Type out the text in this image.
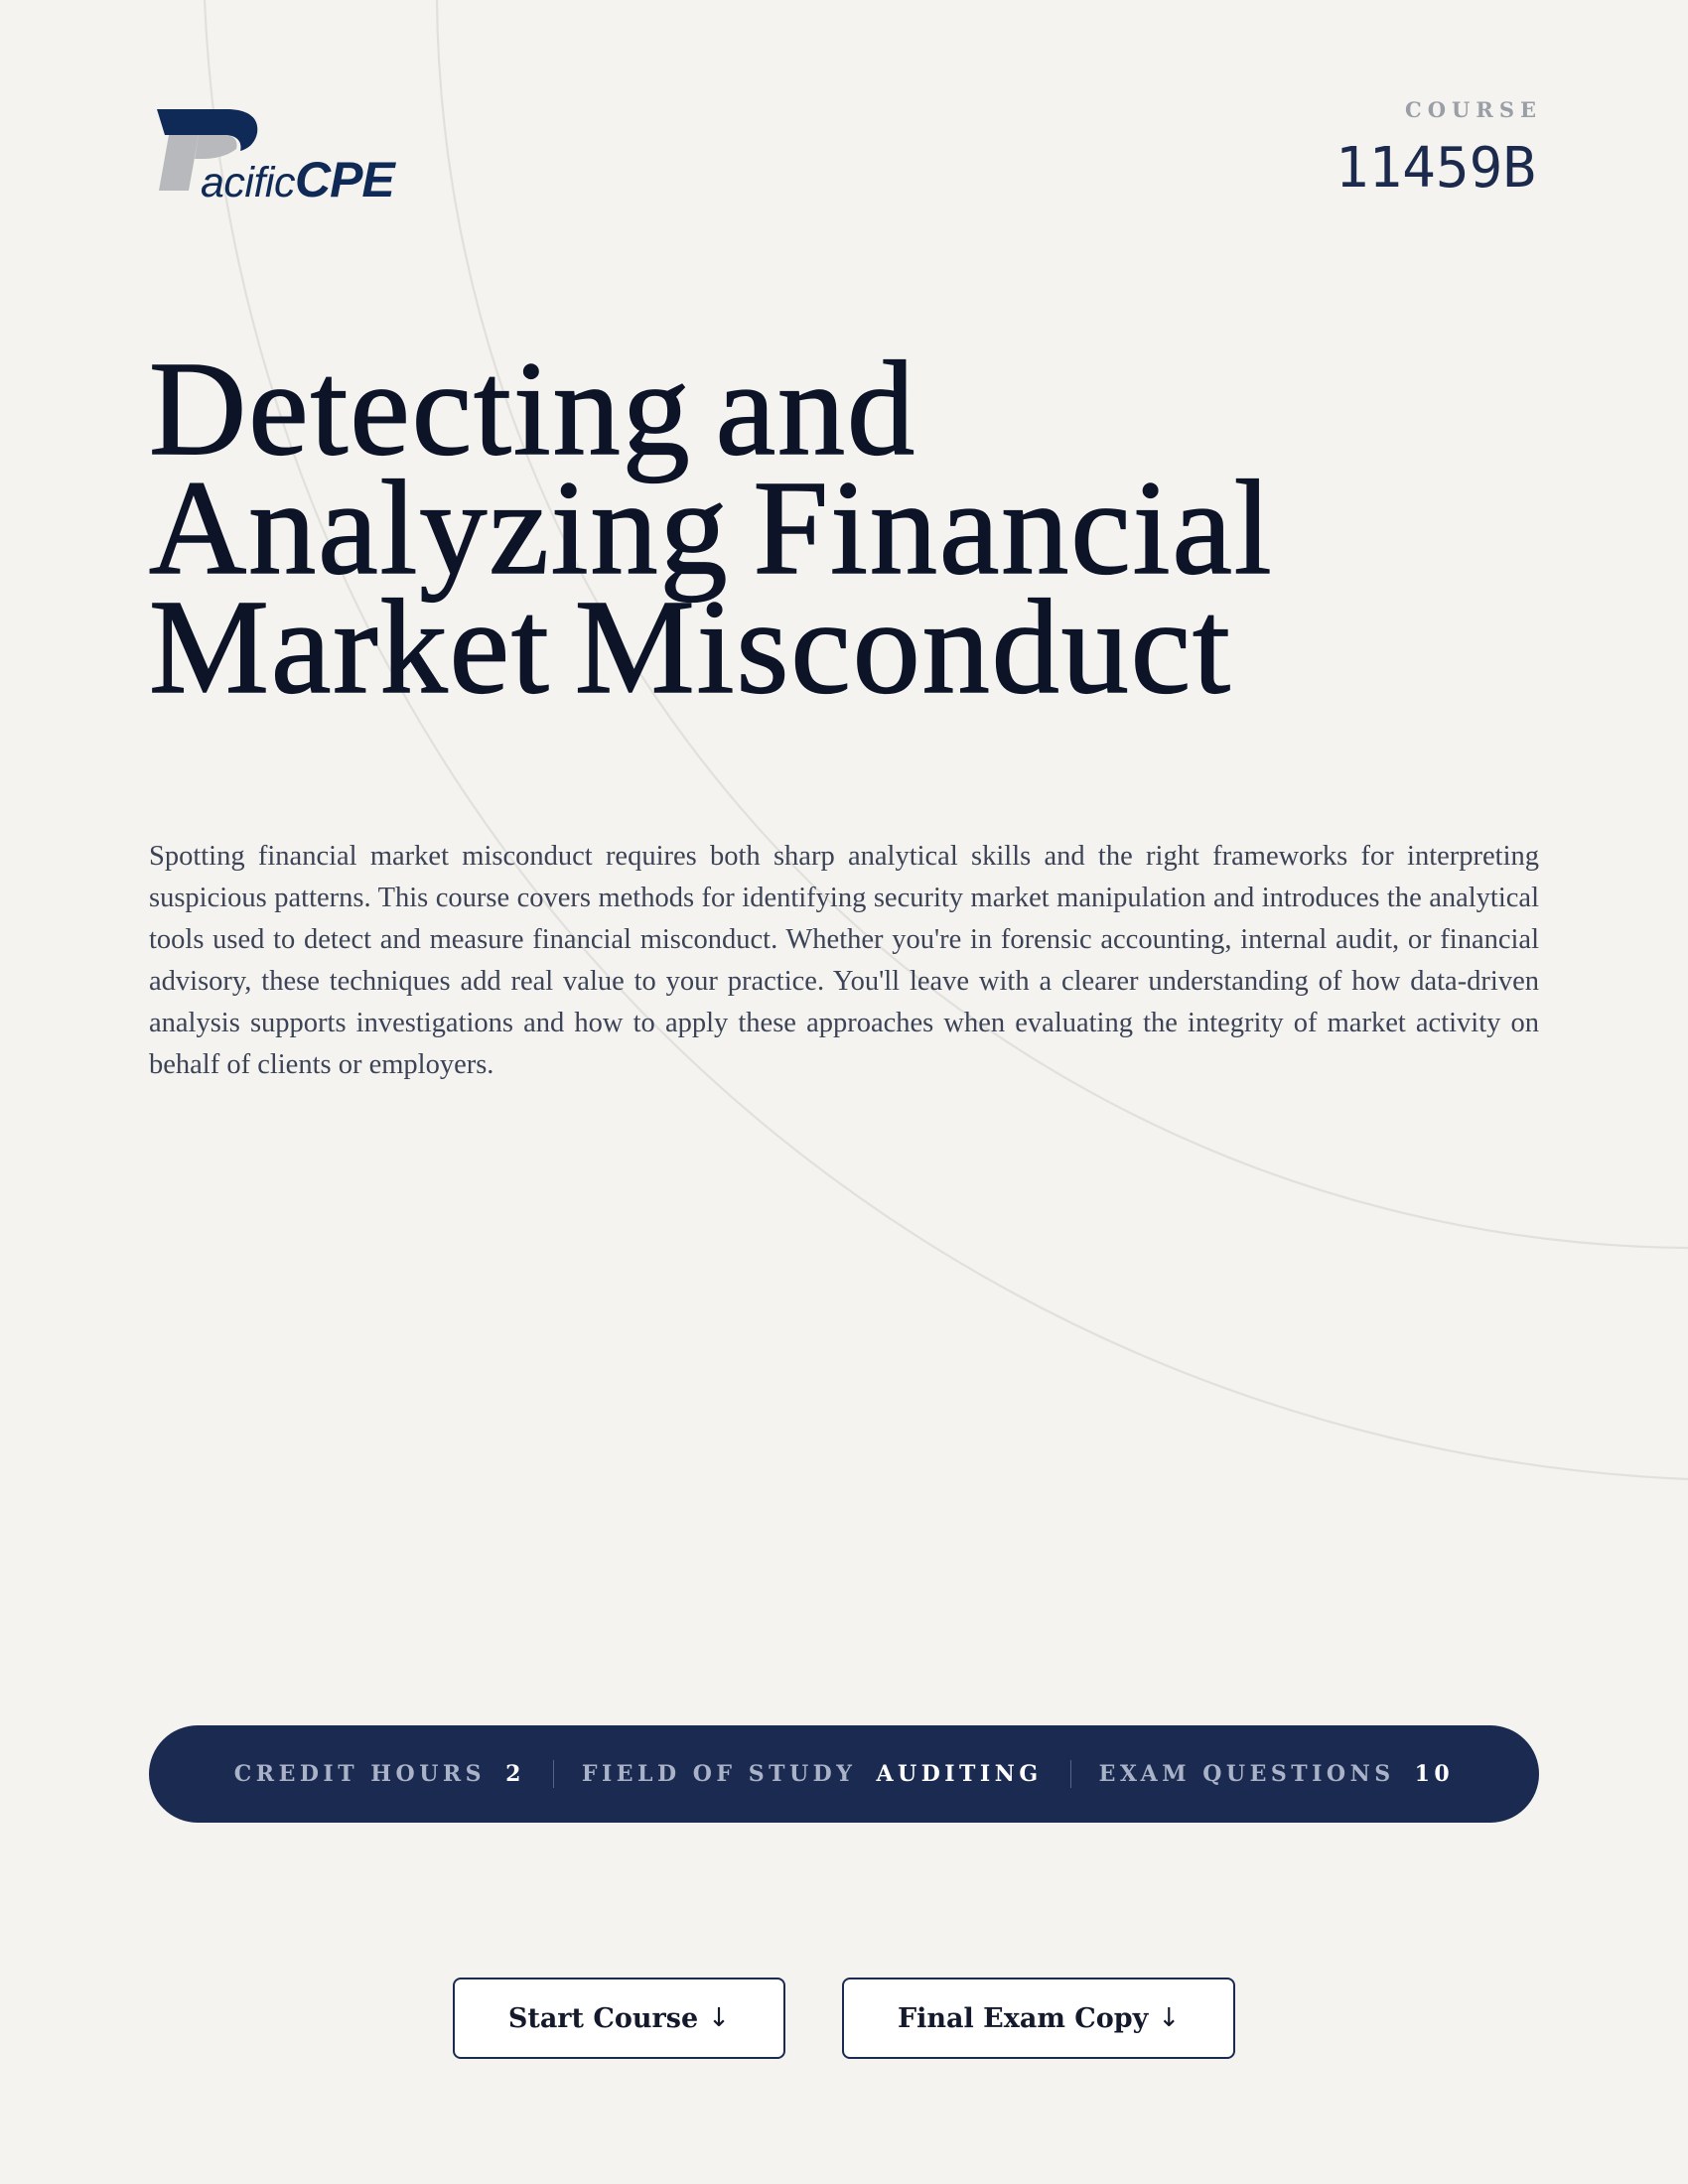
acificCPE
COURSE
11459B
Detecting and
Analyzing Financial
Market Misconduct

Spotting financial market misconduct requires both sharp analytical skills and the right frameworks for interpreting suspicious patterns. This course covers methods for identifying security market manipulation and introduces the analytical tools used to detect and measure financial misconduct. Whether you're in forensic accounting, internal audit, or financial advisory, these techniques add real value to your practice. You'll leave with a clearer understanding of how data-driven analysis supports investigations and how to apply these approaches when evaluating the integrity of market activity on behalf of clients or employers.

CREDIT HOURS 2	FIELD OF STUDY AUDITING	EXAM QUESTIONS 10
Start Course ↓	Final Exam Copy ↓
